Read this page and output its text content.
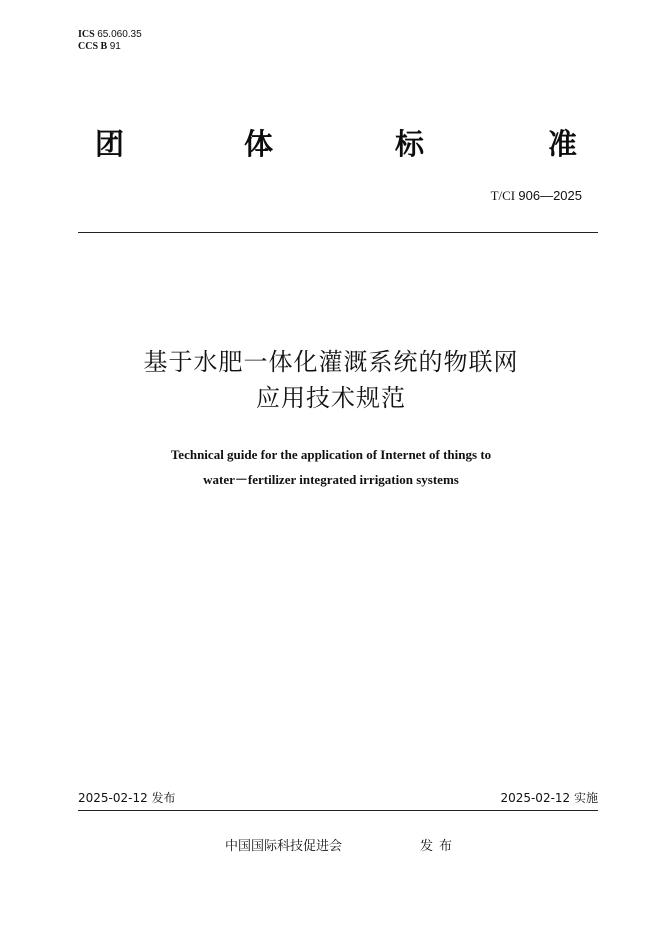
ICS 65.060.35
CCS B 91
团	体	标	准
T/CI 906—2025
基于水肥一体化灌溉系统的物联网
应用技术规范
Technical guide for the application of Internet of things to
water－fertilizer integrated irrigation systems
2025-02-12 发布	2025-02-12 实施
中国国际科技促进会	发布
